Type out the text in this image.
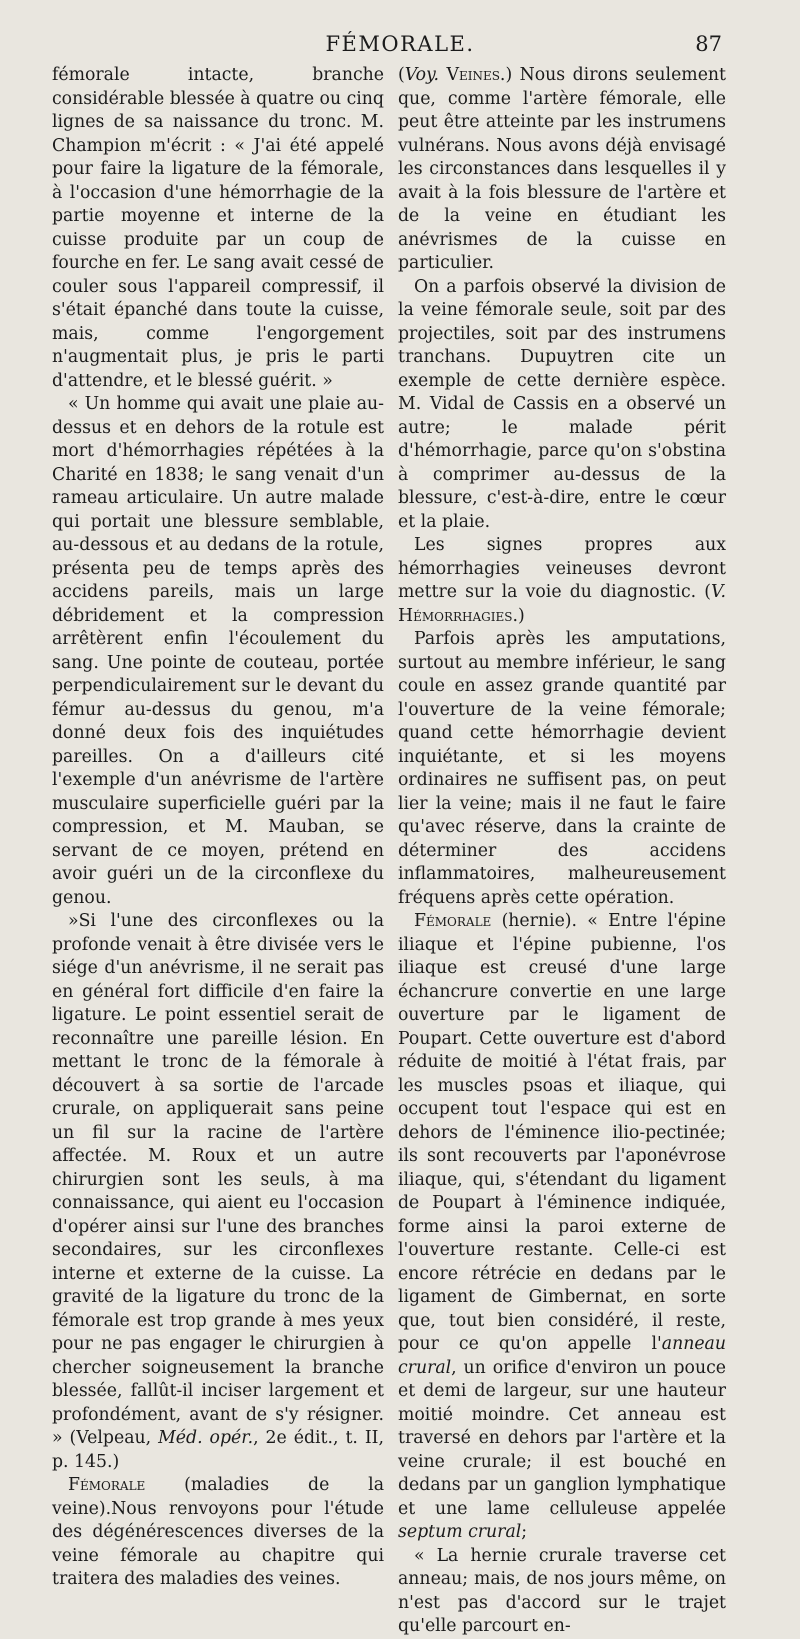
FÉMORALE.	87

fémorale intacte, branche considérable blessée à quatre ou cinq lignes de sa naissance du tronc. M. Champion m'écrit : « J'ai été appelé pour faire la ligature de la fémorale, à l'occasion d'une hémorrhagie de la partie moyenne et interne de la cuisse produite par un coup de fourche en fer. Le sang avait cessé de couler sous l'appareil compressif, il s'était épanché dans toute la cuisse, mais, comme l'engorgement n'augmentait plus, je pris le parti d'attendre, et le blessé guérit. »

« Un homme qui avait une plaie au-dessus et en dehors de la rotule est mort d'hémorrhagies répétées à la Charité en 1838; le sang venait d'un rameau articulaire. Un autre malade qui portait une blessure semblable, au-dessous et au dedans de la rotule, présenta peu de temps après des accidens pareils, mais un large débridement et la compression arrêtèrent enfin l'écoulement du sang. Une pointe de couteau, portée perpendiculairement sur le devant du fémur au-dessus du genou, m'a donné deux fois des inquiétudes pareilles. On a d'ailleurs cité l'exemple d'un anévrisme de l'artère musculaire superficielle guéri par la compression, et M. Mauban, se servant de ce moyen, prétend en avoir guéri un de la circonflexe du genou.

»Si l'une des circonflexes ou la profonde venait à être divisée vers le siége d'un anévrisme, il ne serait pas en général fort difficile d'en faire la ligature. Le point essentiel serait de reconnaître une pareille lésion. En mettant le tronc de la fémorale à découvert à sa sortie de l'arcade crurale, on appliquerait sans peine un fil sur la racine de l'artère affectée. M. Roux et un autre chirurgien sont les seuls, à ma connaissance, qui aient eu l'occasion d'opérer ainsi sur l'une des branches secondaires, sur les circonflexes interne et externe de la cuisse. La gravité de la ligature du tronc de la fémorale est trop grande à mes yeux pour ne pas engager le chirurgien à chercher soigneusement la branche blessée, fallût-il inciser largement et profondément, avant de s'y résigner. » (Velpeau, Méd. opér., 2e édit., t. II, p. 145.)

Fémorale (maladies de la veine).Nous renvoyons pour l'étude des dégénérescences diverses de la veine fémorale au chapitre qui traitera des maladies des veines.

(Voy. Veines.) Nous dirons seulement que, comme l'artère fémorale, elle peut être atteinte par les instrumens vulnérans. Nous avons déjà envisagé les circonstances dans lesquelles il y avait à la fois blessure de l'artère et de la veine en étudiant les anévrismes de la cuisse en particulier.

On a parfois observé la division de la veine fémorale seule, soit par des projectiles, soit par des instrumens tranchans. Dupuytren cite un exemple de cette dernière espèce. M. Vidal de Cassis en a observé un autre; le malade périt d'hémorrhagie, parce qu'on s'obstina à comprimer au-dessus de la blessure, c'est-à-dire, entre le cœur et la plaie.

Les signes propres aux hémorrhagies veineuses devront mettre sur la voie du diagnostic. (V. Hémorrhagies.)

Parfois après les amputations, surtout au membre inférieur, le sang coule en assez grande quantité par l'ouverture de la veine fémorale; quand cette hémorrhagie devient inquiétante, et si les moyens ordinaires ne suffisent pas, on peut lier la veine; mais il ne faut le faire qu'avec réserve, dans la crainte de déterminer des accidens inflammatoires, malheureusement fréquens après cette opération.

Fémorale (hernie). « Entre l'épine iliaque et l'épine pubienne, l'os iliaque est creusé d'une large échancrure convertie en une large ouverture par le ligament de Poupart. Cette ouverture est d'abord réduite de moitié à l'état frais, par les muscles psoas et iliaque, qui occupent tout l'espace qui est en dehors de l'éminence ilio-pectinée; ils sont recouverts par l'aponévrose iliaque, qui, s'étendant du ligament de Poupart à l'éminence indiquée, forme ainsi la paroi externe de l'ouverture restante. Celle-ci est encore rétrécie en dedans par le ligament de Gimbernat, en sorte que, tout bien considéré, il reste, pour ce qu'on appelle l'anneau crural, un orifice d'environ un pouce et demi de largeur, sur une hauteur moitié moindre. Cet anneau est traversé en dehors par l'artère et la veine crurale; il est bouché en dedans par un ganglion lymphatique et une lame celluleuse appelée septum crural;

« La hernie crurale traverse cet anneau; mais, de nos jours même, on n'est pas d'accord sur le trajet qu'elle parcourt en-
